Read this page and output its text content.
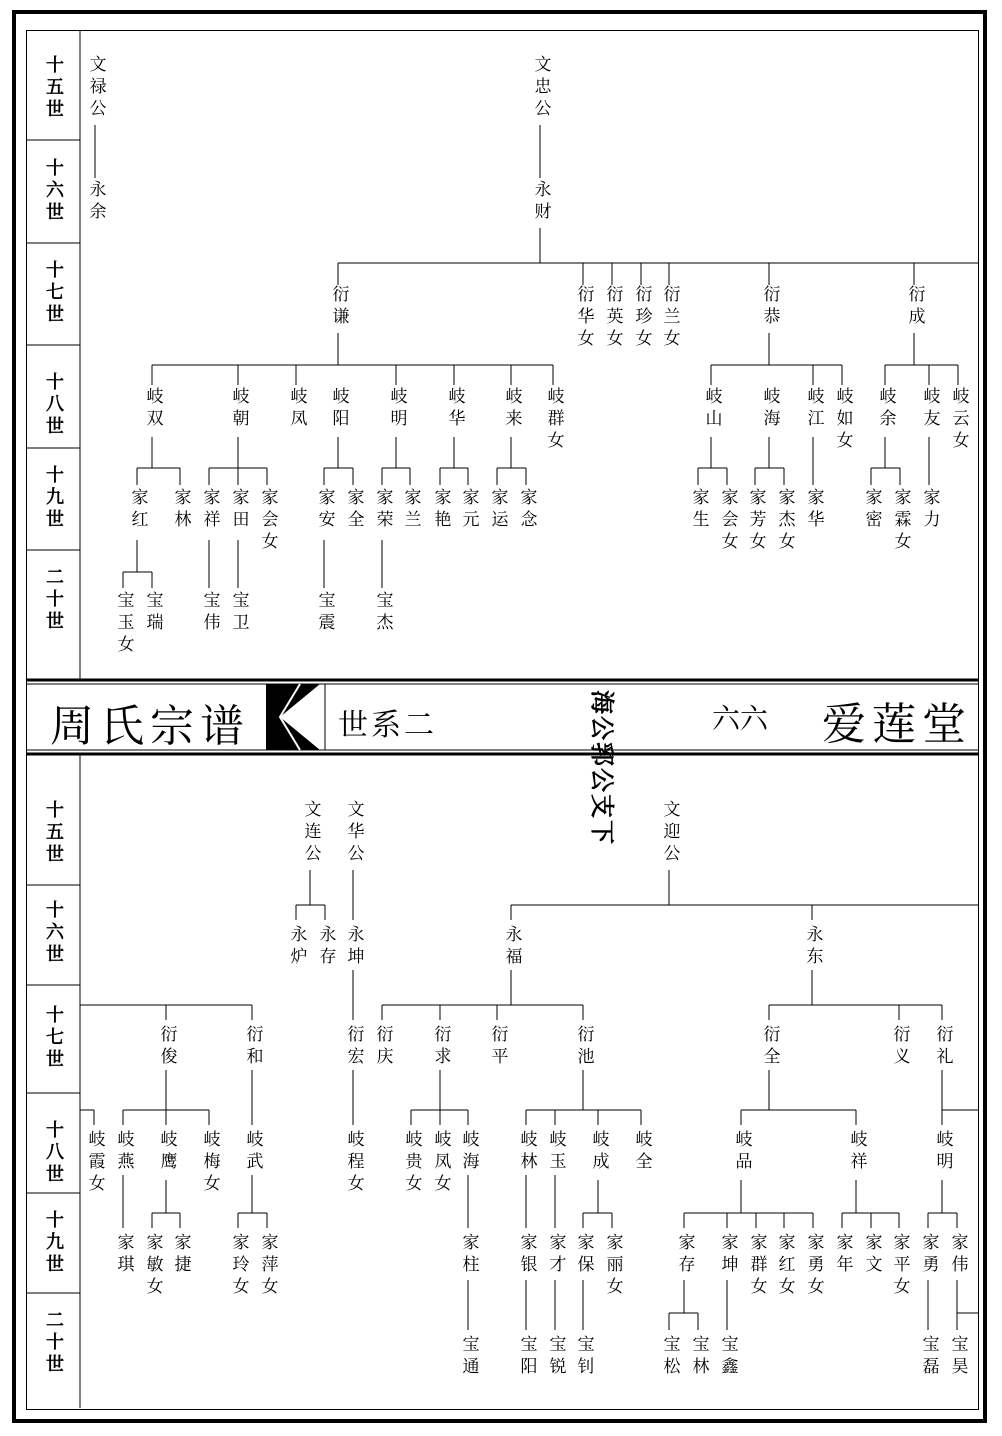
周氏宗谱	世系二	海公郛公支下	六六 爱莲堂
十五世
十六世
十七世
十八世
十九世
二十世
十五世
十六世
十七世
十八世
十九世
二十世
文禄公
永余
文忠公
永财
衍谦	衍华女 衍英女 衍珍女 衍兰女	衍恭	衍成
岐双	岐朝 岐凤 岐阳 岐明 岐华 岐来 岐群女	岐山 岐海 岐江 岐如女 岐余 岐友 岐云女
家红 家林 家祥 家田 家会女 家安 家全 家荣 家兰 家艳 家元 家运 家念	家生 家会女 家芳女 家杰女 家华 家密 家霖女 家力
宝玉女 宝瑞 宝伟 宝卫	宝震 宝杰
文连公 文华公	文迎公
永炉 永存 永坤	永福	永东
衍俊	衍和	衍宏 衍庆 衍求 衍平	衍池	衍全	衍义 衍礼
岐霞女 岐燕 岐鹰 岐梅女 岐武	岐程女 岐贵女 岐凤女 岐海 岐林 岐玉 岐成 岐全	岐品	岐祥	岐明
家琪 家敏女 家捷 家玲女 家萍女	家柱 家银 家才 家保 家丽女	家存 家坤 家群女 家红女 家勇女 家年 家文 家平女 家勇 家伟
宝通 宝阳 宝锐 宝钊	宝松 宝林 宝鑫	宝磊 宝昊
